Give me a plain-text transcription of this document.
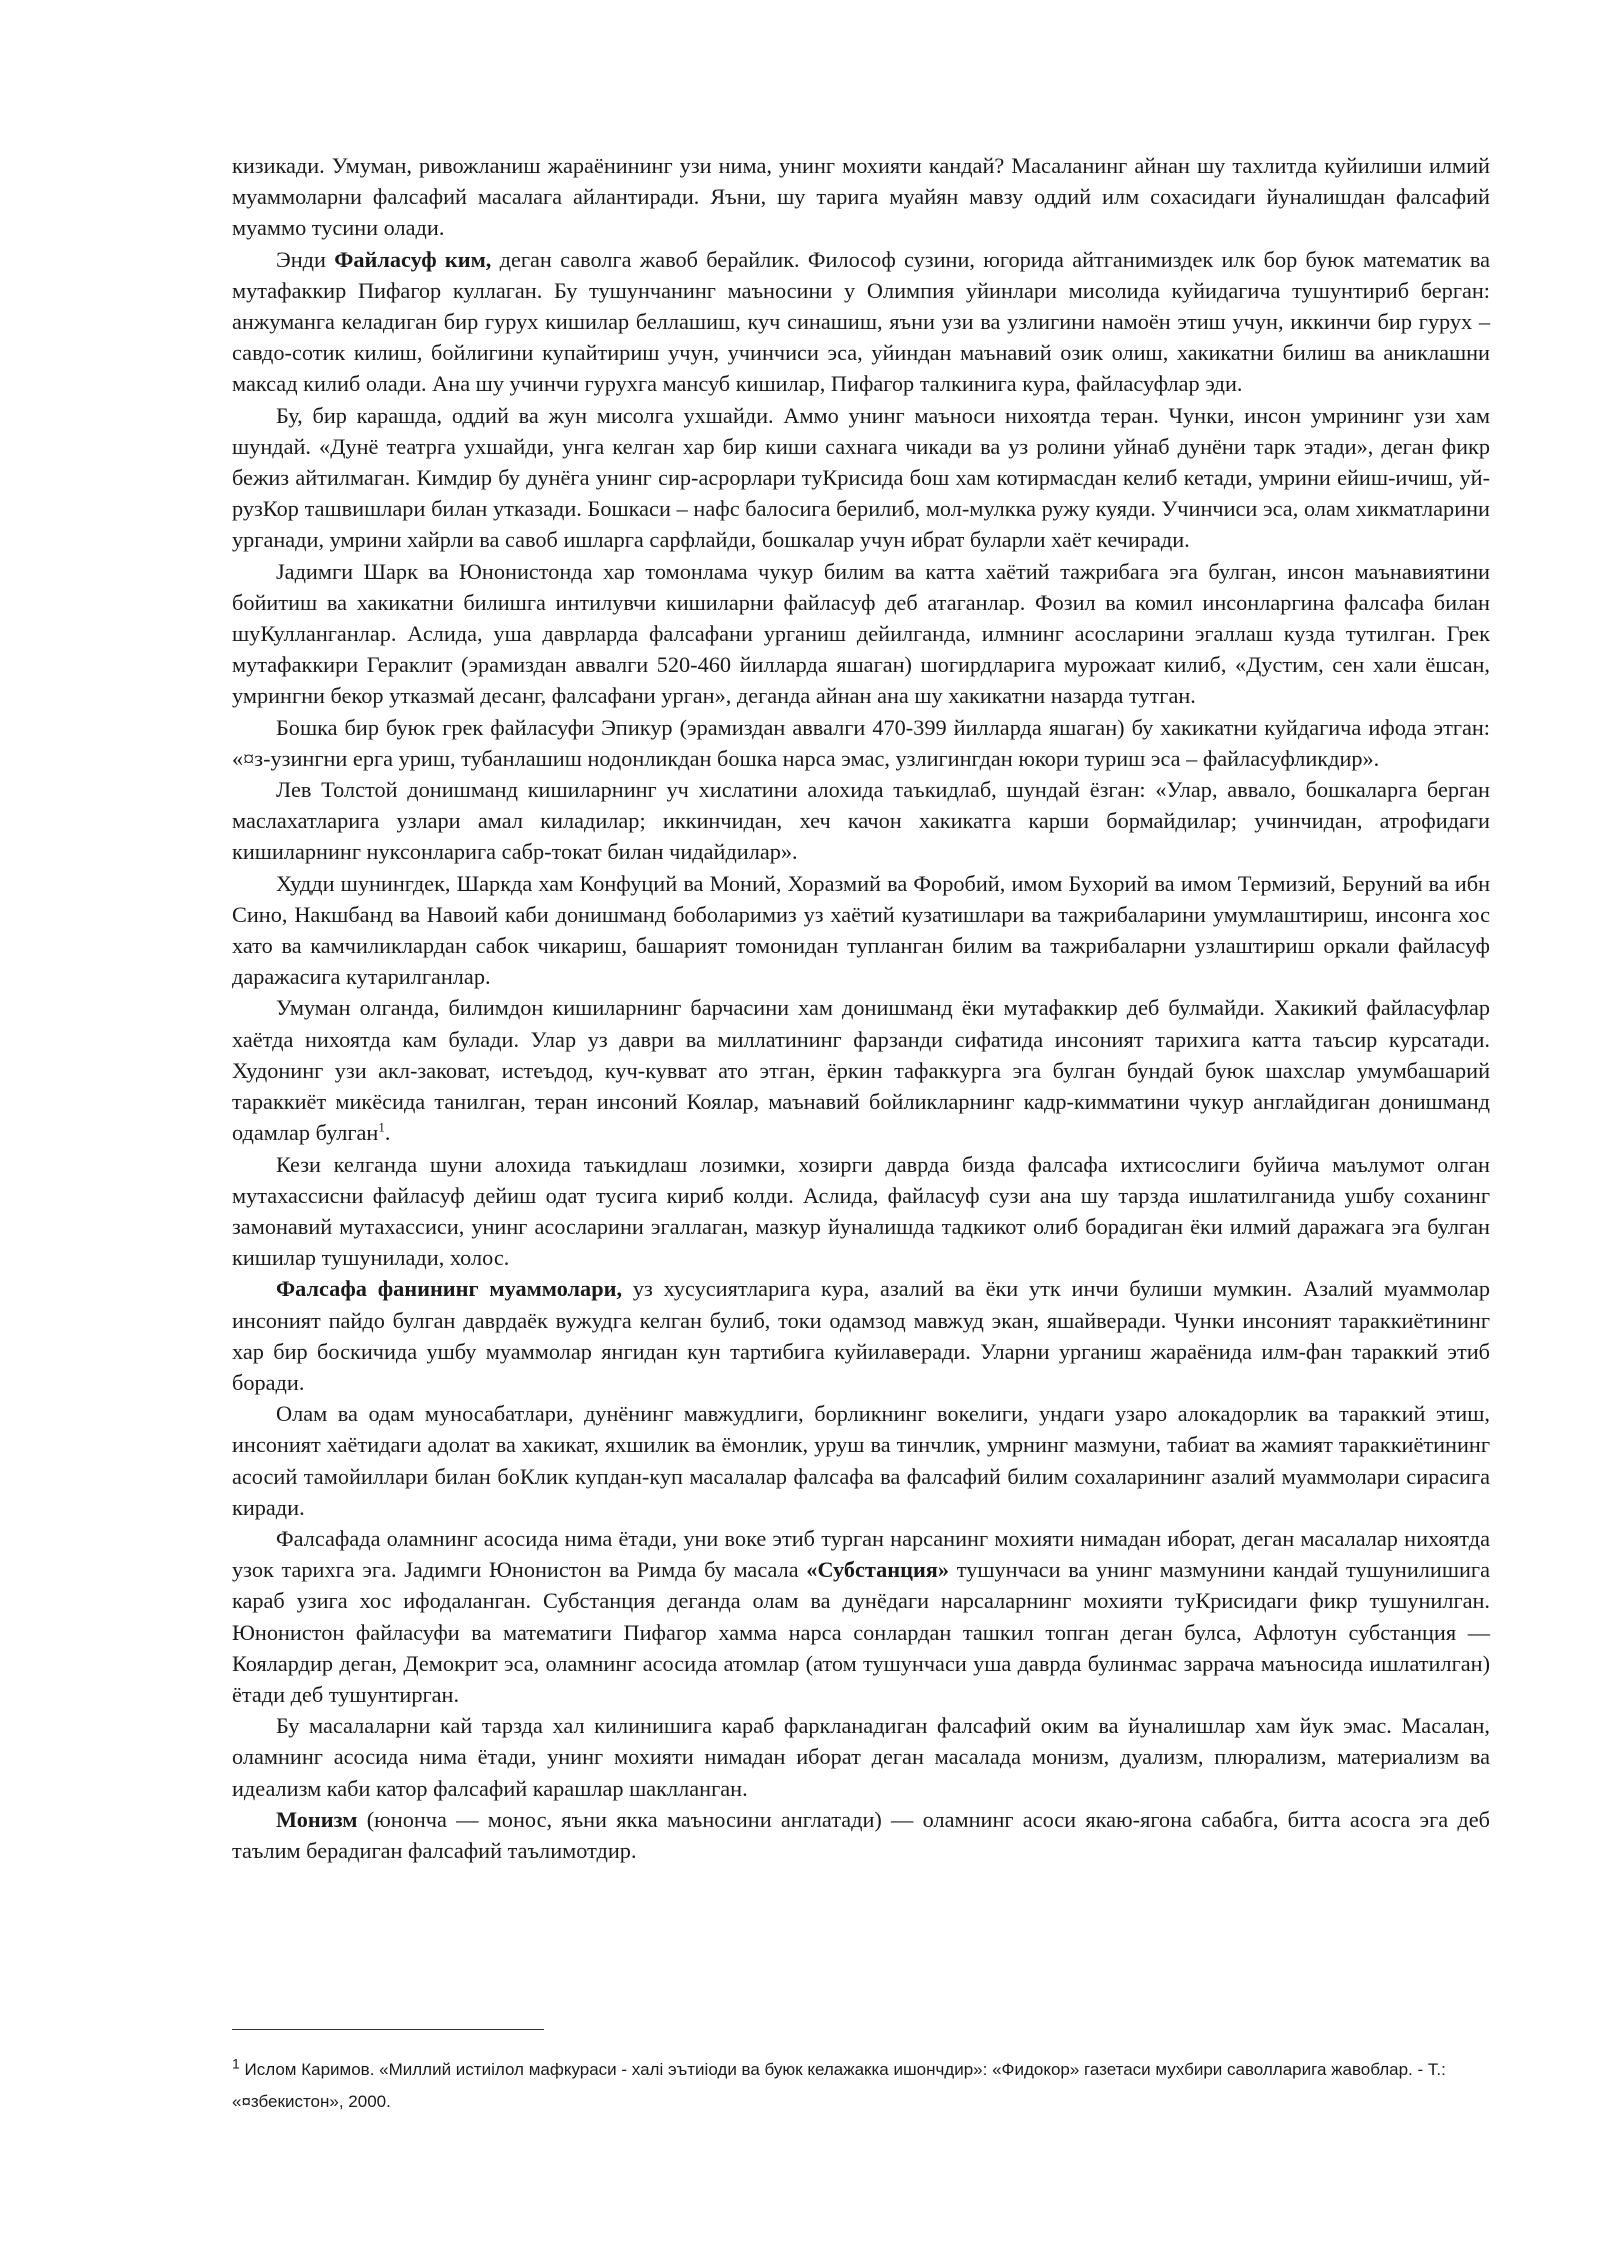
кизикади. Умуман, ривожланиш жараёнининг узи нима, унинг мохияти кандай? Масаланинг айнан шу тахлитда куйилиши илмий муаммоларни фалсафий масалага айлантиради. Яъни, шу тарига муайян мавзу оддий илм сохасидаги йуналишдан фалсафий муаммо тусини олади.

Энди Файласуф ким, деган саволга жавоб берайлик. Философ сузини, югорида айтганимиздек илк бор буюк математик ва мутафаккир Пифагор куллаган. Бу тушунчанинг маъносини у Олимпия уйинлари мисолида куйидагича тушунтириб берган: анжуманга келадиган бир гурух кишилар беллашиш, куч синашиш, яъни узи ва узлигини намоён этиш учун, иккинчи бир гурух – савдо-сотик килиш, бойлигини купайтириш учун, учинчиси эса, уйиндан маънавий озик олиш, хакикатни билиш ва аниклашни максад килиб олади. Ана шу учинчи гурухга мансуб кишилар, Пифагор талкинига кура, файласуфлар эди.

Бу, бир карашда, оддий ва жун мисолга ухшайди. Аммо унинг маъноси нихоятда теран. Чунки, инсон умрининг узи хам шундай. «Дунё театрга ухшайди, унга келган хар бир киши сахнага чикади ва уз ролини уйнаб дунёни тарк этади», деган фикр бежиз айтилмаган. Кимдир бу дунёга унинг сир-асрорлари туКрисида бош хам котирмасдан келиб кетади, умрини ейиш-ичиш, уй-рузКор ташвишлари билан утказади. Бошкаси – нафс балосига берилиб, мол-мулкка ружу куяди. Учинчиси эса, олам хикматларини урганади, умрини хайрли ва савоб ишларга сарфлайди, бошкалар учун ибрат буларли хаёт кечиради.

Јадимги Шарк ва Юнонистонда хар томонлама чукур билим ва катта хаётий тажрибага эга булган, инсон маънавиятини бойитиш ва хакикатни билишга интилувчи кишиларни файласуф деб атаганлар. Фозил ва комил инсонларгина фалсафа билан шуКулланганлар. Аслида, уша даврларда фалсафани урганиш дейилганда, илмнинг асосларини эгаллаш кузда тутилган. Грек мутафаккири Гераклит (эрамиздан аввалги 520-460 йилларда яшаган) шогирдларига мурожаат килиб, «Дустим, сен хали ёшсан, умрингни бекор утказмай десанг, фалсафани урган», деганда айнан ана шу хакикатни назарда тутган.

Бошка бир буюк грек файласуфи Эпикур (эрамиздан аввалги 470-399 йилларда яшаган) бу хакикатни куйдагича ифода этган: «¤з-узингни ерга уриш, тубанлашиш нодонликдан бошка нарса эмас, узлигингдан юкори туриш эса – файласуфликдир».

Лев Толстой донишманд кишиларнинг уч хислатини алохида таъкидлаб, шундай ёзган: «Улар, аввало, бошкаларга берган маслахатларига узлари амал киладилар; иккинчидан, хеч качон хакикатга карши бормайдилар; учинчидан, атрофидаги кишиларнинг нуксонларига сабр-токат билан чидайдилар».

Худди шунингдек, Шаркда хам Конфуций ва Моний, Хоразмий ва Форобий, имом Бухорий ва имом Термизий, Беруний ва ибн Сино, Накшбанд ва Навоий каби донишманд боболаримиз уз хаётий кузатишлари ва тажрибаларини умумлаштириш, инсонга хос хато ва камчиликлардан сабок чикариш, башарият томонидан тупланган билим ва тажрибаларни узлаштириш оркали файласуф даражасига кутарилганлар.

Умуман олганда, билимдон кишиларнинг барчасини хам донишманд ёки мутафаккир деб булмайди. Хакикий файласуфлар хаётда нихоятда кам булади. Улар уз даври ва миллатининг фарзанди сифатида инсоният тарихига катта таъсир курсатади. Худонинг узи акл-заковат, истеъдод, куч-кувват ато этган, ёркин тафаккурга эга булган бундай буюк шахслар умумбашарий тараккиёт микёсида танилган, теран инсоний Коялар, маънавий бойликларнинг кадр-кимматини чукур англайдиган донишманд одамлар булган$^1$.

Кези келганда шуни алохида таъкидлаш лозимки, хозирги даврда бизда фалсафа ихтисослиги буйича маълумот олган мутахассисни файласуф дейиш одат тусига кириб колди. Аслида, файласуф сузи ана шу тарзда ишлатилганида ушбу соханинг замонавий мутахассиси, унинг асосларини эгаллаган, мазкур йуналишда тадкикот олиб борадиган ёки илмий даражага эга булган кишилар тушунилади, холос.

Фалсафа фанининг муаммолари, уз хусусиятларига кура, азалий ва ёки утк инчи булиши мумкин. Азалий муаммолар инсоният пайдо булган даврдаёк вужудга келган булиб, токи одамзод мавжуд экан, яшайверади. Чунки инсоният тараккиётининг хар бир боскичида ушбу муаммолар янгидан кун тартибига куйилаверади. Уларни урганиш жараёнида илм-фан тараккий этиб боради.

Олам ва одам муносабатлари, дунёнинг мавжудлиги, борликнинг вокелиги, ундаги узаро алокадорлик ва тараккий этиш, инсоният хаётидаги адолат ва хакикат, яхшилик ва ёмонлик, уруш ва тинчлик, умрнинг мазмуни, табиат ва жамият тараккиётининг асосий тамойиллари билан боКлик купдан-куп масалалар фалсафа ва фалсафий билим сохаларининг азалий муаммолари сирасига киради.

Фалсафада оламнинг асосида нима ётади, уни воке этиб турган нарсанинг мохияти нимадан иборат, деган масалалар нихоятда узок тарихга эга. Јадимги Юнонистон ва Римда бу масала «Субстанция» тушунчаси ва унинг мазмунини кандай тушунилишига караб узига хос ифодаланган. Субстанция деганда олам ва дунёдаги нарсаларнинг мохияти туКрисидаги фикр тушунилган. Юнонистон файласуфи ва математиги Пифагор хамма нарса сонлардан ташкил топган деган булса, Афлотун субстанция — Коялардир деган, Демокрит эса, оламнинг асосида атомлар (атом тушунчаси уша даврда булинмас заррача маъносида ишлатилган) ётади деб тушунтирган.

Бу масалаларни кай тарзда хал килинишига караб фаркланадиган фалсафий оким ва йуналишлар хам йук эмас. Масалан, оламнинг асосида нима ётади, унинг мохияти нимадан иборат деган масалада монизм, дуализм, плюрализм, материализм ва идеализм каби катор фалсафий карашлар шаклланган.

Монизм (юнонча — монос, яъни якка маъносини англатади) — оламнинг асоси якаю-ягона сабабга, битта асосга эга деб таълим берадиган фалсафий таълимотдир.

$^1$ Ислом Каримов. «Миллий истиілол мафкураси - халі эътиіоди ва буюк келажакка ишончдир»: «Фидокор» газетаси мухбири саволларига жавоблар. - Т.: «¤збекистон», 2000.
